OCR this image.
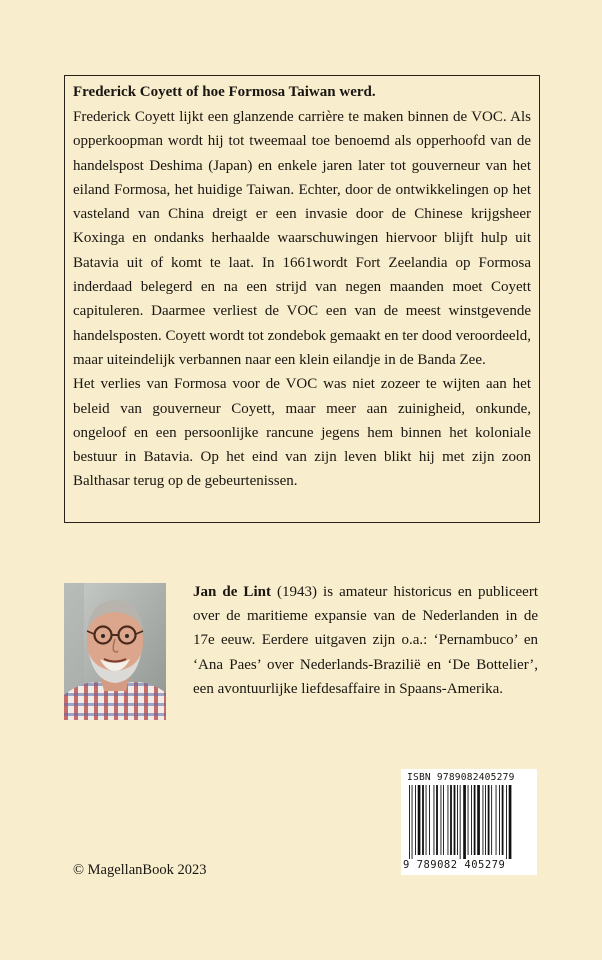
Frederick Coyett of hoe Formosa Taiwan werd.

Frederick Coyett lijkt een glanzende carrière te maken binnen de VOC. Als opperkoopman wordt hij tot tweemaal toe benoemd als opperhoofd van de handelspost Deshima (Japan) en enkele jaren later tot gouverneur van het eiland Formosa, het huidige Taiwan. Echter, door de ontwikkelingen op het vasteland van China dreigt er een invasie door de Chinese krijgsheer Koxinga en ondanks herhaalde waarschuwingen hiervoor blijft hulp uit Batavia uit of komt te laat. In 1661wordt Fort Zeelandia op Formosa inderdaad belegerd en na een strijd van negen maanden moet Coyett capituleren. Daarmee verliest de VOC een van de meest winstgevende handelsposten. Coyett wordt tot zondebok gemaakt en ter dood veroordeeld, maar uiteindelijk verbannen naar een klein eilandje in de Banda Zee.

Het verlies van Formosa voor de VOC was niet zozeer te wijten aan het beleid van gouverneur Coyett, maar meer aan zuinigheid, onkunde, ongeloof en een persoonlijke rancune jegens hem binnen het koloniale bestuur in Batavia. Op het eind van zijn leven blikt hij met zijn zoon Balthasar terug op de gebeurtenissen.

Jan de Lint (1943) is amateur historicus en publiceert over de maritieme expansie van de Nederlanden in de 17e eeuw. Eerdere uitgaven zijn o.a.: ‘Pernambuco’ en ‘Ana Paes’ over Nederlands-Brazilië en ‘De Bottelier’, een avontuurlijke liefdesaffaire in Spaans-Amerika.

ISBN 9789082405279
9 789082 405279

© MagellanBook 2023
